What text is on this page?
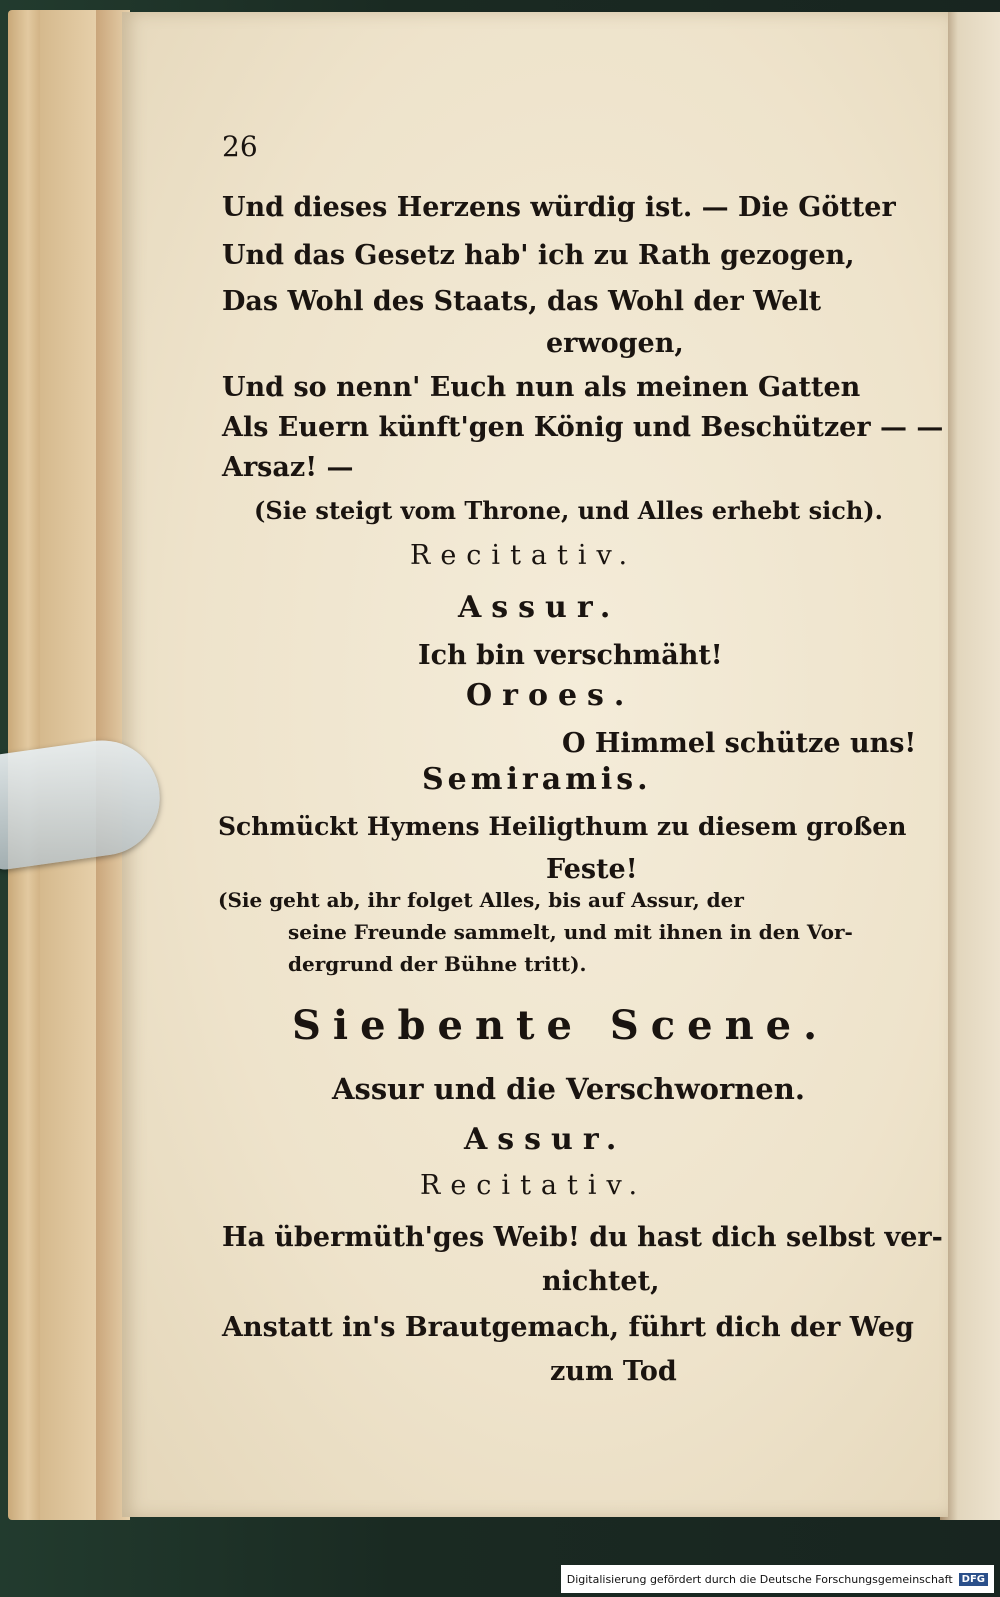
26
Und dieses Herzens würdig ist. — Die Götter
Und das Gesetz hab' ich zu Rath gezogen,
Das Wohl des Staats, das Wohl der Welt
erwogen,
Und so nenn' Euch nun als meinen Gatten
Als Euern künft'gen König und Beschützer — —
Arsaz! —
(Sie steigt vom Throne, und Alles erhebt sich).
Recitativ.
Assur.
Ich bin verschmäht!
Oroes.
O Himmel schütze uns!
Semiramis.
Schmückt Hymens Heiligthum zu diesem großen
Feste!
(Sie geht ab, ihr folget Alles, bis auf Assur, der
seine Freunde sammelt, und mit ihnen in den Vor-
dergrund der Bühne tritt).
Siebente Scene.
Assur und die Verschwornen.
Assur.
Recitativ.
Ha übermüth'ges Weib! du hast dich selbst ver-
nichtet,
Anstatt in's Brautgemach, führt dich der Weg
zum Tod
Digitalisierung gefördert durch die Deutsche Forschungsgemeinschaft DFG
